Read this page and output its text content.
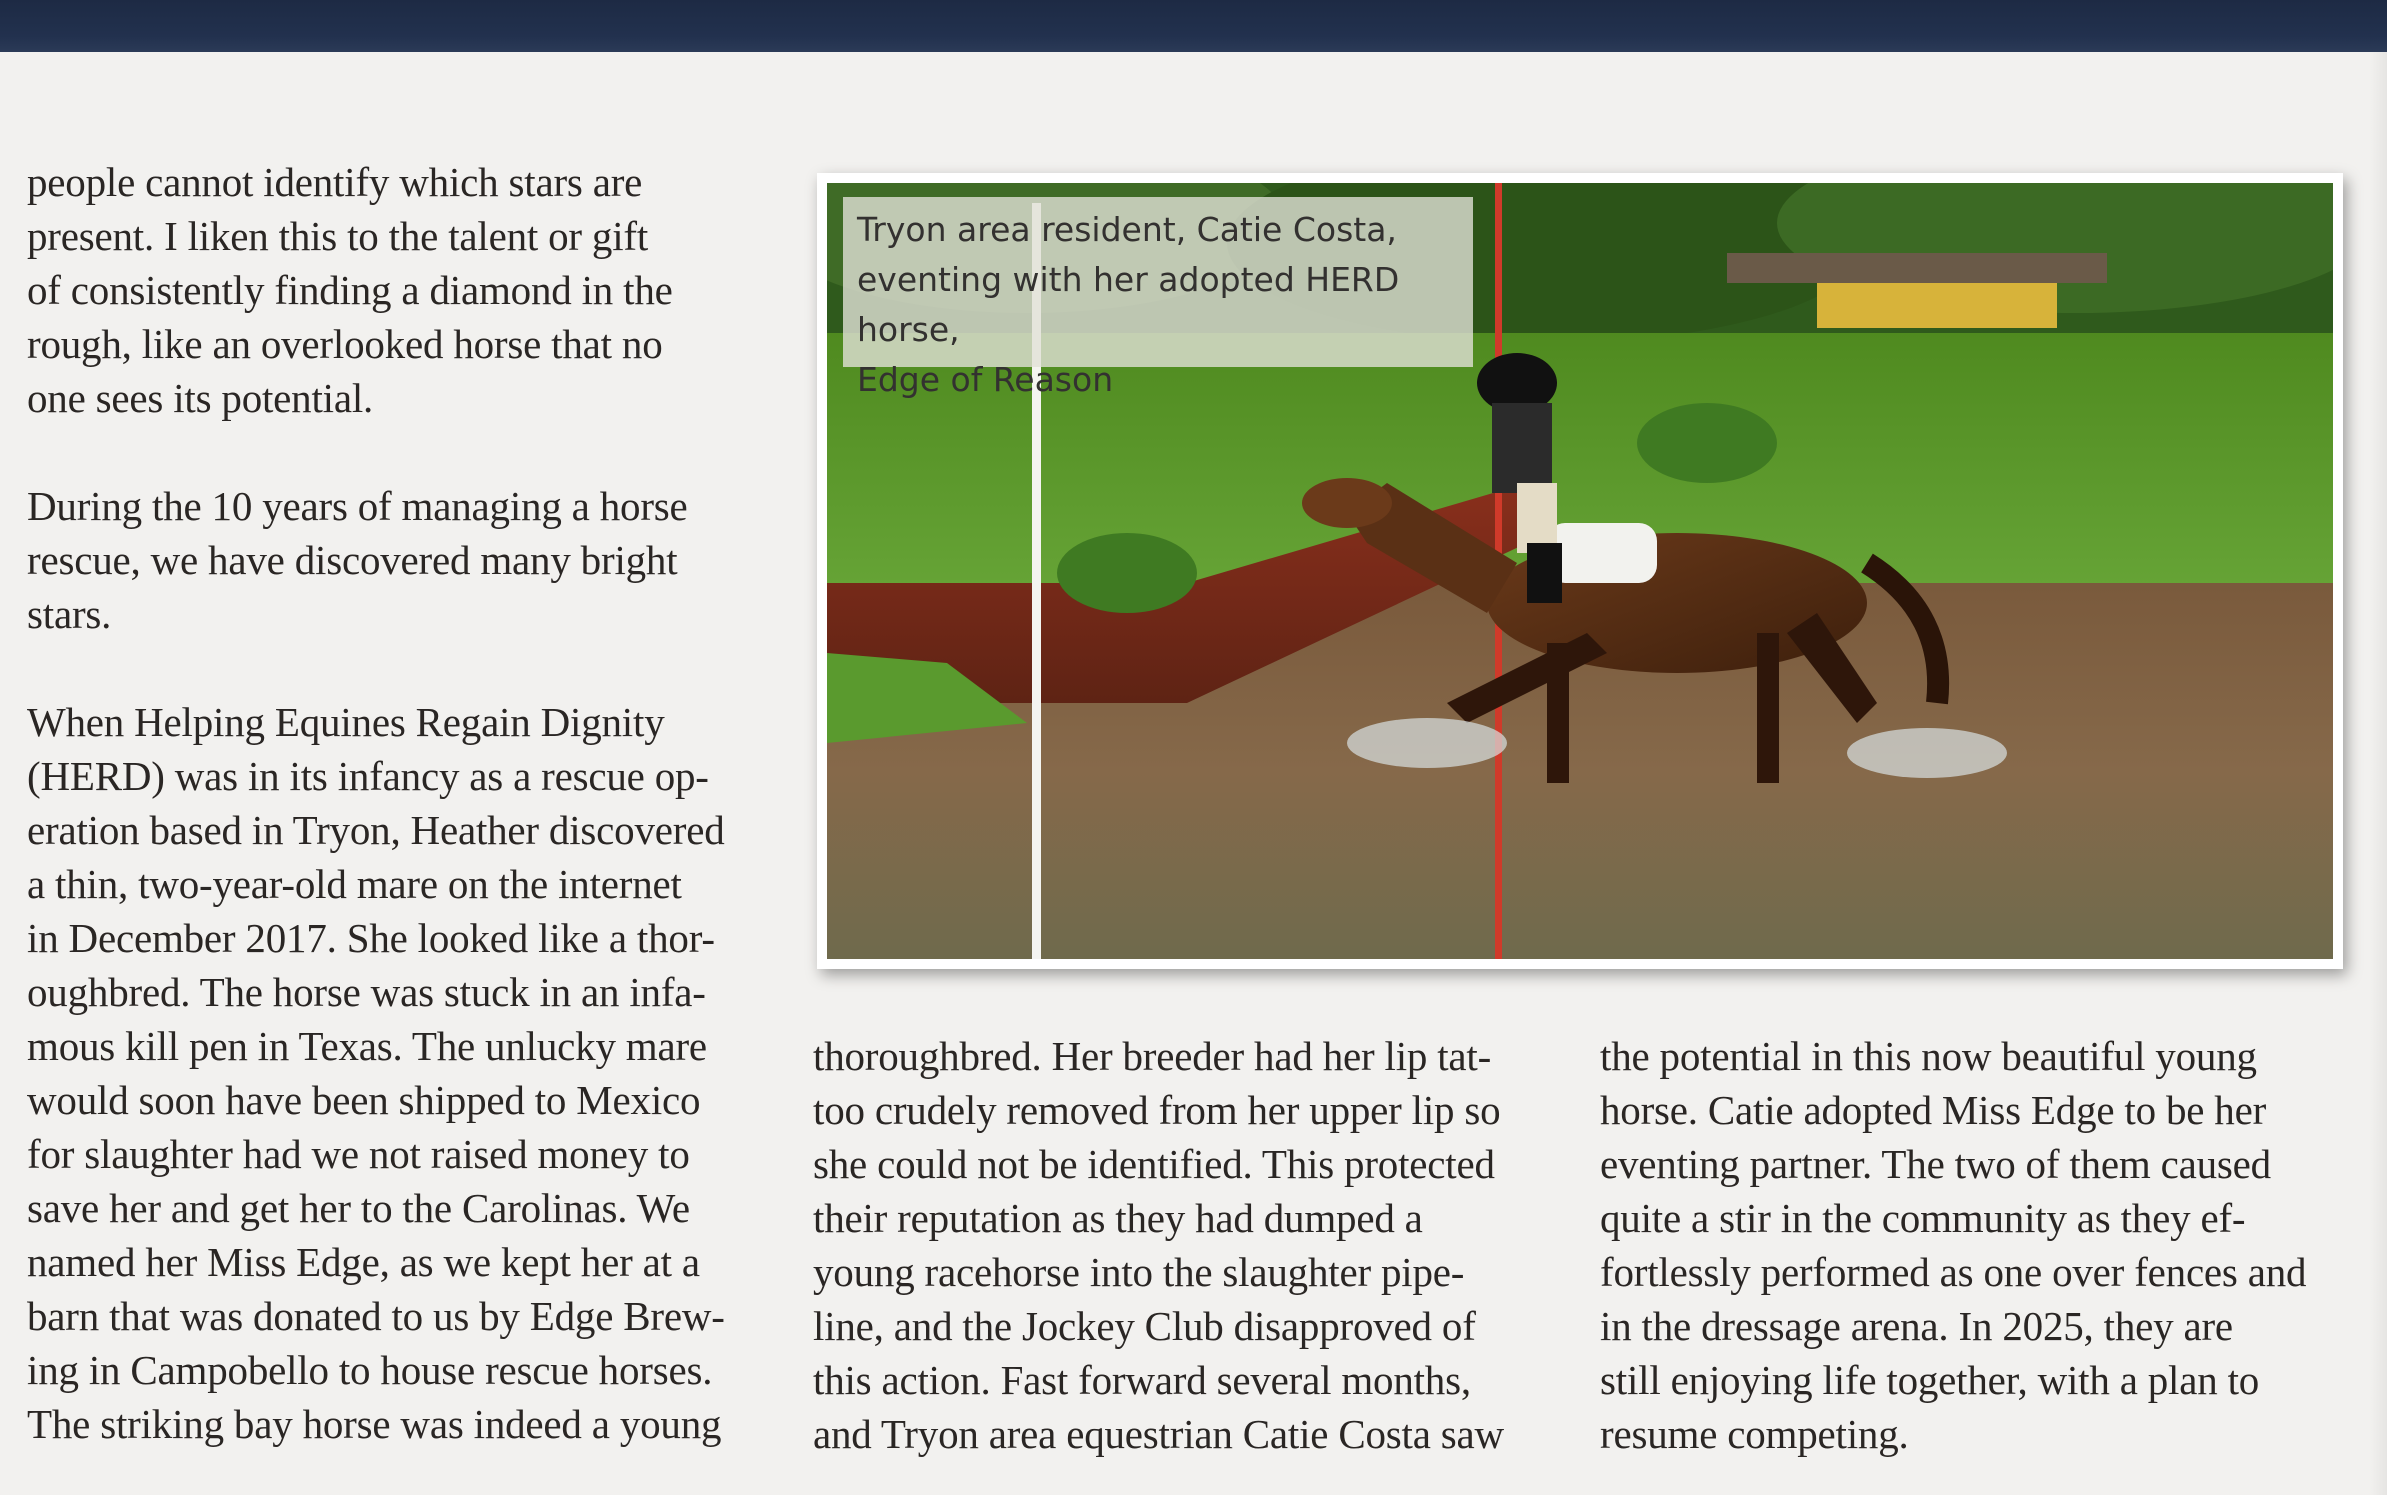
people cannot identify which stars are
present. I liken this to the talent or gift
of consistently finding a diamond in the
rough, like an overlooked horse that no
one sees its potential.

During the 10 years of managing a horse
rescue, we have discovered many bright
stars.

When Helping Equines Regain Dignity
(HERD) was in its infancy as a rescue op-
eration based in Tryon, Heather discovered
a thin, two-year-old mare on the internet
in December 2017. She looked like a thor-
oughbred. The horse was stuck in an infa-
mous kill pen in Texas. The unlucky mare
would soon have been shipped to Mexico
for slaughter had we not raised money to
save her and get her to the Carolinas. We
named her Miss Edge, as we kept her at a
barn that was donated to us by Edge Brew-
ing in Campobello to house rescue horses.
The striking bay horse was indeed a young

Tryon area resident, Catie Costa,
eventing with her adopted HERD horse,
Edge of Reason

thoroughbred. Her breeder had her lip tat-
too crudely removed from her upper lip so
she could not be identified. This protected
their reputation as they had dumped a
young racehorse into the slaughter pipe-
line, and the Jockey Club disapproved of
this action. Fast forward several months,
and Tryon area equestrian Catie Costa saw

the potential in this now beautiful young
horse. Catie adopted Miss Edge to be her
eventing partner. The two of them caused
quite a stir in the community as they ef-
fortlessly performed as one over fences and
in the dressage arena. In 2025, they are
still enjoying life together, with a plan to
resume competing.
